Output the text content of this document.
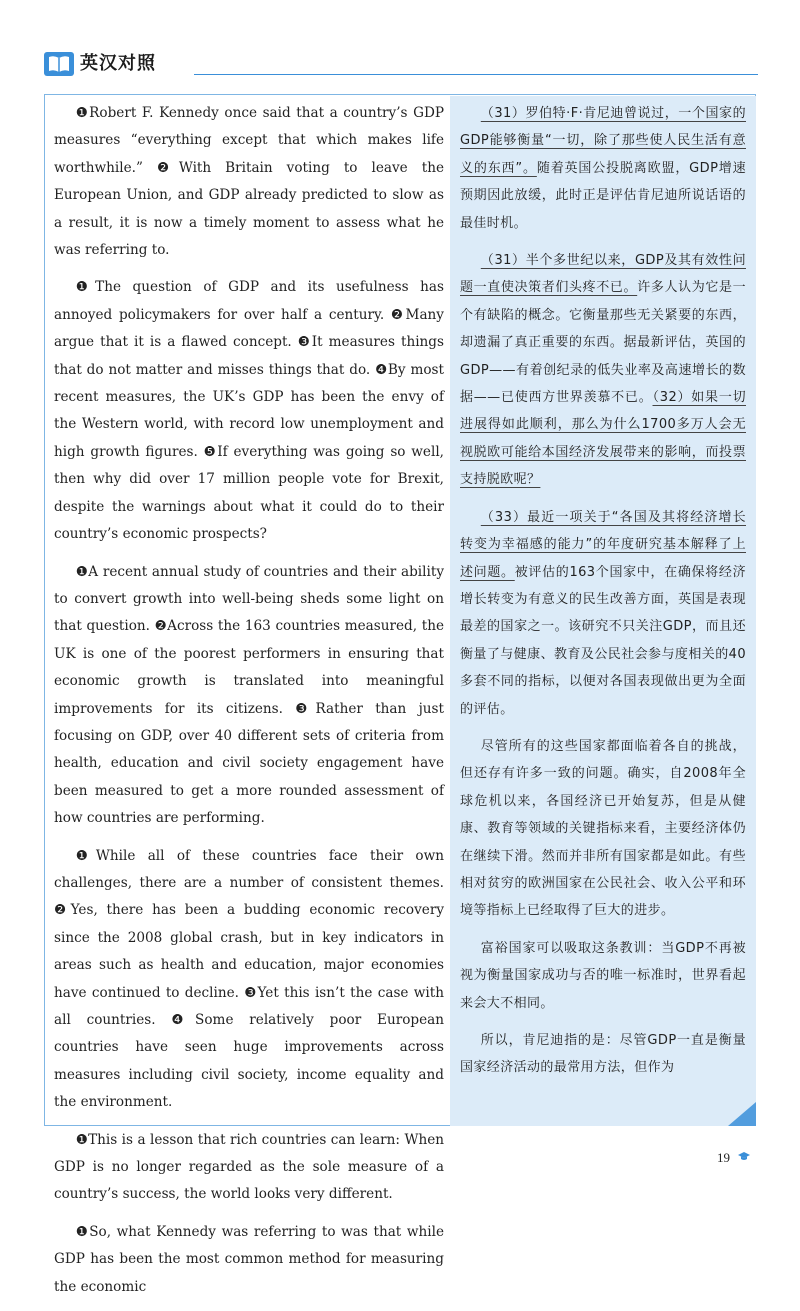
英汉对照

（31）罗伯特·F·肯尼迪曾说过，一个国家的GDP能够衡量“一切，除了那些使人民生活有意义的东西”。随着英国公投脱离欧盟，GDP增速预期因此放缓，此时正是评估肯尼迪所说话语的最佳时机。

（31）半个多世纪以来，GDP及其有效性问题一直使决策者们头疼不已。许多人认为它是一个有缺陷的概念。它衡量那些无关紧要的东西，却遗漏了真正重要的东西。据最新评估，英国的GDP——有着创纪录的低失业率及高速增长的数据——已使西方世界羡慕不已。（32）如果一切进展得如此顺利，那么为什么1700多万人会无视脱欧可能给本国经济发展带来的影响，而投票支持脱欧呢？

（33）最近一项关于“各国及其将经济增长转变为幸福感的能力”的年度研究基本解释了上述问题。被评估的163个国家中，在确保将经济增长转变为有意义的民生改善方面，英国是表现最差的国家之一。该研究不只关注GDP，而且还衡量了与健康、教育及公民社会参与度相关的40多套不同的指标，以便对各国表现做出更为全面的评估。

尽管所有的这些国家都面临着各自的挑战，但还存有许多一致的问题。确实，自2008年全球危机以来，各国经济已开始复苏，但是从健康、教育等领域的关键指标来看，主要经济体仍在继续下滑。然而并非所有国家都是如此。有些相对贫穷的欧洲国家在公民社会、收入公平和环境等指标上已经取得了巨大的进步。

富裕国家可以吸取这条教训：当GDP不再被视为衡量国家成功与否的唯一标准时，世界看起来会大不相同。

所以，肯尼迪指的是：尽管GDP一直是衡量国家经济活动的最常用方法，但作为

❶Robert F. Kennedy once said that a country’s GDP measures “everything except that which makes life worthwhile.” ❷With Britain voting to leave the European Union, and GDP already predicted to slow as a result, it is now a timely moment to assess what he was referring to.

❶The question of GDP and its usefulness has annoyed policymakers for over half a century. ❷Many argue that it is a flawed concept. ❸It measures things that do not matter and misses things that do. ❹By most recent measures, the UK’s GDP has been the envy of the Western world, with record low unemployment and high growth figures. ❺If everything was going so well, then why did over 17 million people vote for Brexit, despite the warnings about what it could do to their country’s economic prospects?

❶A recent annual study of countries and their ability to convert growth into well-being sheds some light on that question. ❷Across the 163 countries measured, the UK is one of the poorest performers in ensuring that economic growth is translated into meaningful improvements for its citizens. ❸Rather than just focusing on GDP, over 40 different sets of criteria from health, education and civil society engagement have been measured to get a more rounded assessment of how countries are performing.

❶While all of these countries face their own challenges, there are a number of consistent themes. ❷Yes, there has been a budding economic recovery since the 2008 global crash, but in key indicators in areas such as health and education, major economies have continued to decline. ❸Yet this isn’t the case with all countries. ❹Some relatively poor European countries have seen huge improvements across measures including civil society, income equality and the environment.

❶This is a lesson that rich countries can learn: When GDP is no longer regarded as the sole measure of a country’s success, the world looks very different.

❶So, what Kennedy was referring to was that while GDP has been the most common method for measuring the economic

19
